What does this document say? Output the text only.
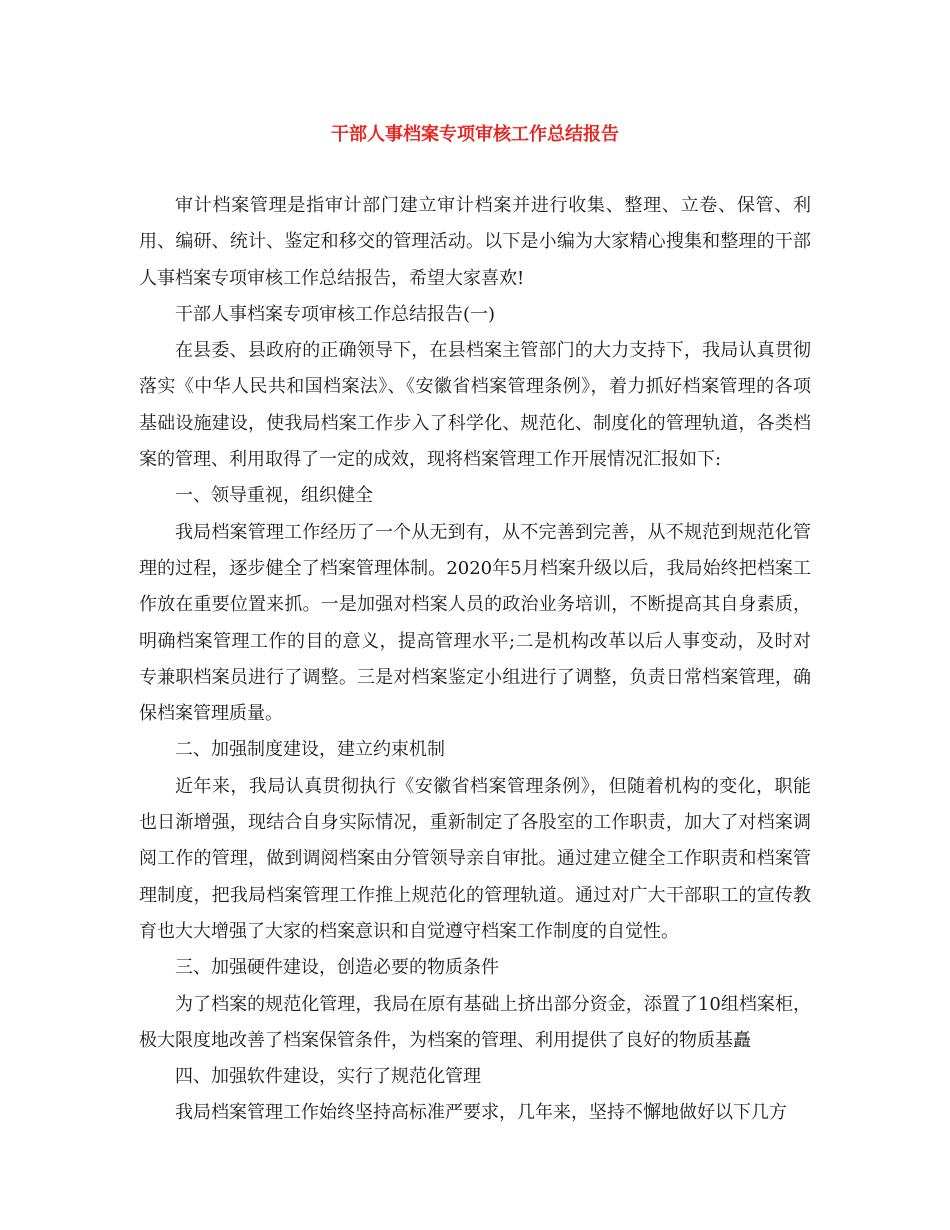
干部人事档案专项审核工作总结报告

审计档案管理是指审计部门建立审计档案并进行收集、整理、立卷、保管、利用、编研、统计、鉴定和移交的管理活动。以下是小编为大家精心搜集和整理的干部人事档案专项审核工作总结报告，希望大家喜欢!

干部人事档案专项审核工作总结报告(一)

在县委、县政府的正确领导下，在县档案主管部门的大力支持下，我局认真贯彻落实《中华人民共和国档案法》、《安徽省档案管理条例》，着力抓好档案管理的各项基础设施建设，使我局档案工作步入了科学化、规范化、制度化的管理轨道，各类档案的管理、利用取得了一定的成效，现将档案管理工作开展情况汇报如下:

一、领导重视，组织健全

我局档案管理工作经历了一个从无到有，从不完善到完善，从不规范到规范化管理的过程，逐步健全了档案管理体制。2020年5月档案升级以后，我局始终把档案工作放在重要位置来抓。一是加强对档案人员的政治业务培训，不断提高其自身素质，明确档案管理工作的目的意义，提高管理水平;二是机构改革以后人事变动，及时对专兼职档案员进行了调整。三是对档案鉴定小组进行了调整，负责日常档案管理，确保档案管理质量。

二、加强制度建设，建立约束机制

近年来，我局认真贯彻执行《安徽省档案管理条例》，但随着机构的变化，职能也日渐增强，现结合自身实际情况，重新制定了各股室的工作职责，加大了对档案调阅工作的管理，做到调阅档案由分管领导亲自审批。通过建立健全工作职责和档案管理制度，把我局档案管理工作推上规范化的管理轨道。通过对广大干部职工的宣传教育也大大增强了大家的档案意识和自觉遵守档案工作制度的自觉性。

三、加强硬件建设，创造必要的物质条件

为了档案的规范化管理，我局在原有基础上挤出部分资金，添置了10组档案柜，极大限度地改善了档案保管条件，为档案的管理、利用提供了良好的物质基矗

四、加强软件建设，实行了规范化管理

我局档案管理工作始终坚持高标准严要求，几年来，坚持不懈地做好以下几方
